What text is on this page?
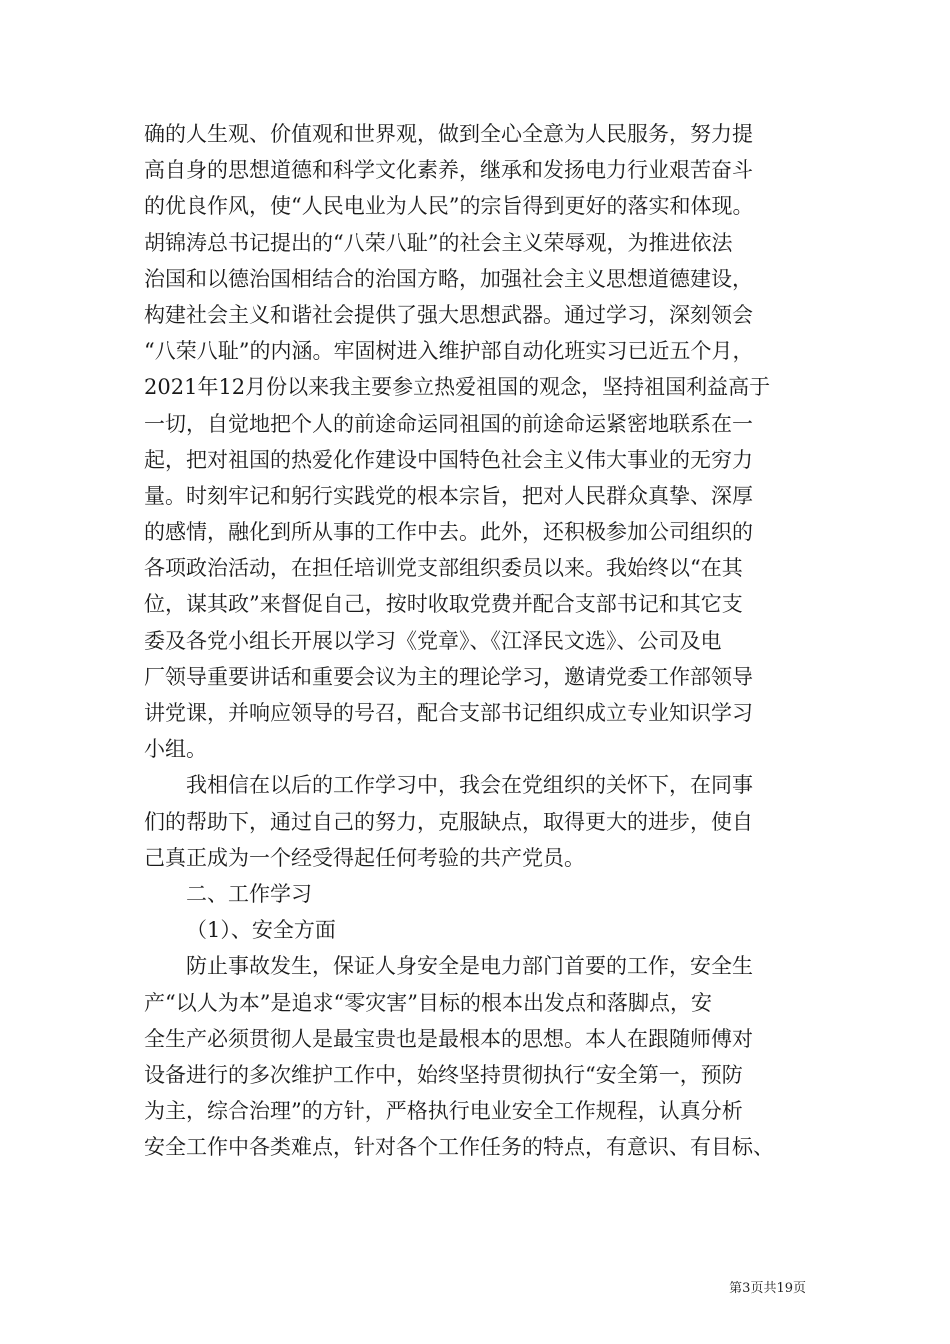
确的人生观、价值观和世界观，做到全心全意为人民服务，努力提
高自身的思想道德和科学文化素养，继承和发扬电力行业艰苦奋斗
的优良作风，使“人民电业为人民”的宗旨得到更好的落实和体现。
胡锦涛总书记提出的“八荣八耻”的社会主义荣辱观，为推进依法
治国和以德治国相结合的治国方略，加强社会主义思想道德建设，
构建社会主义和谐社会提供了强大思想武器。通过学习，深刻领会
“八荣八耻”的内涵。牢固树进入维护部自动化班实习已近五个月，
2021年12月份以来我主要参立热爱祖国的观念，坚持祖国利益高于
一切，自觉地把个人的前途命运同祖国的前途命运紧密地联系在一
起，把对祖国的热爱化作建设中国特色社会主义伟大事业的无穷力
量。时刻牢记和躬行实践党的根本宗旨，把对人民群众真挚、深厚
的感情，融化到所从事的工作中去。此外，还积极参加公司组织的
各项政治活动，在担任培训党支部组织委员以来。我始终以“在其
位，谋其政”来督促自己，按时收取党费并配合支部书记和其它支
委及各党小组长开展以学习《党章》、《江泽民文选》、公司及电
厂领导重要讲话和重要会议为主的理论学习，邀请党委工作部领导
讲党课，并响应领导的号召，配合支部书记组织成立专业知识学习
小组。
我相信在以后的工作学习中，我会在党组织的关怀下，在同事
们的帮助下，通过自己的努力，克服缺点，取得更大的进步，使自
己真正成为一个经受得起任何考验的共产党员。
二、工作学习
（1）、安全方面
防止事故发生，保证人身安全是电力部门首要的工作，安全生
产“以人为本”是追求“零灾害”目标的根本出发点和落脚点，安
全生产必须贯彻人是最宝贵也是最根本的思想。本人在跟随师傅对
设备进行的多次维护工作中，始终坚持贯彻执行“安全第一，预防
为主，综合治理”的方针，严格执行电业安全工作规程，认真分析
安全工作中各类难点，针对各个工作任务的特点，有意识、有目标、
第3页共19页
